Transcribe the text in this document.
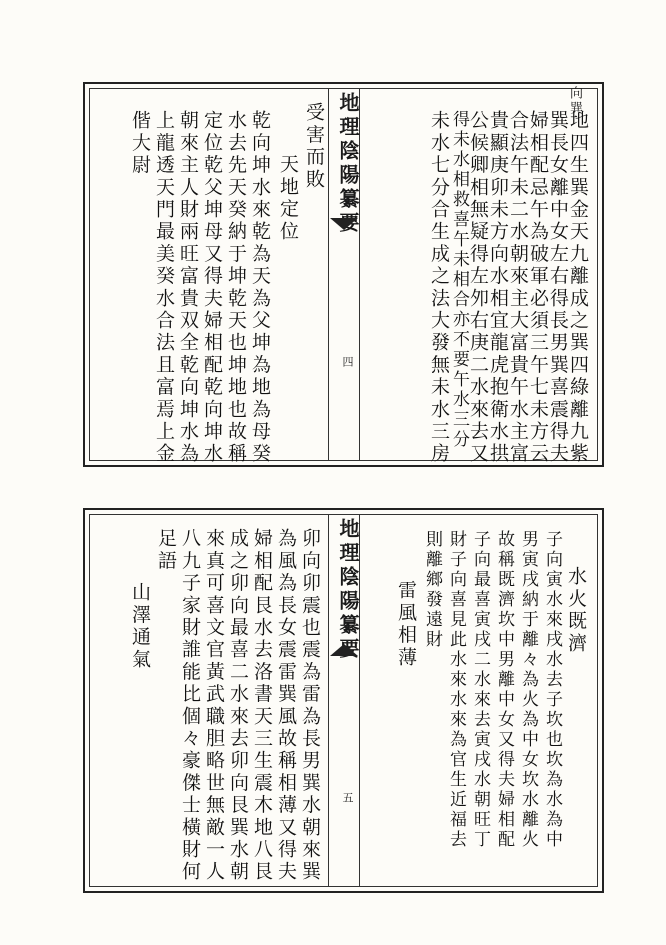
向巽
地四生巽金天九離成之巽四綠離九紫
巽長女離中女左右得長男巽喜震得夫
婦相配忌午為破軍必須三午七未方云
合法午未二水朝來主大富貴午水主富
貴顯庚卯未方向水相宜龍虎抱衛水拱
公候卿相無疑得左夘右庚二水來去又
得未水相救喜午未相合亦不要午水三分
未水七分合生成之法大發無未水三房
地理陰陽纂要
四
受害而敗
天地定位
乾向坤水來乾為天為父坤為地為母癸
水去先天癸納于坤乾天也坤地也故稱
定位乾父坤母又得夫婦相配乾向坤水
朝來主人財兩旺富貴双全乾向坤水為
上龍透天門最美癸水合法且富焉上金
偕大尉
水火既濟
子向寅水來戌水去子坎也坎為水為中
男寅戌納于離々為火為中女坎水離火
故稱既濟坎中男離中女又得夫婦相配
子向最喜寅戌二水來去寅戌水朝旺丁
財子向喜見此水來水來為官生近福去
則離鄉發遠財
雷風相薄
地理陰陽纂要
五
卯向卯震也震為雷為長男巽水朝來巽
為風為長女震雷巽風故稱相薄又得夫
婦相配艮水去洛書天三生震木地八艮
成之卯向最喜二水來去卯向艮巽水朝
來真可喜文官黃武職胆略世無敵一人
八九子家財誰能比個々豪傑士橫財何
足語
山澤通氣
